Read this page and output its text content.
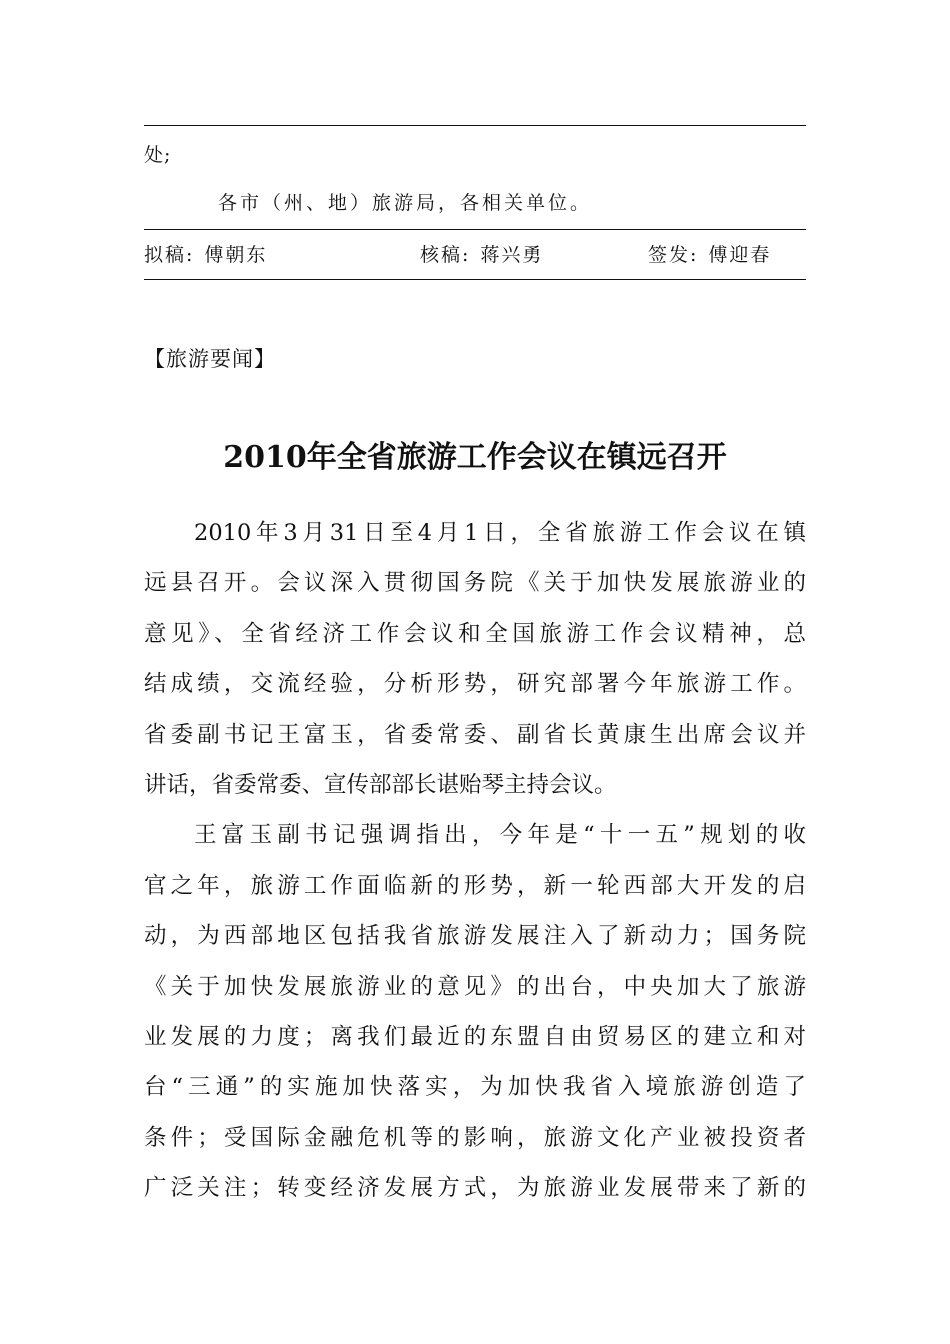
处;
各市（州、地）旅游局，各相关单位。
拟稿: 傅朝东	核稿: 蒋兴勇	签发: 傅迎春
【旅游要闻】
2010年全省旅游工作会议在镇远召开
2010年3月31日至4月1日，全省旅游工作会议在镇
远县召开。会议深入贯彻国务院《关于加快发展旅游业的
意见》、全省经济工作会议和全国旅游工作会议精神，总
结成绩，交流经验，分析形势，研究部署今年旅游工作。
省委副书记王富玉，省委常委、副省长黄康生出席会议并
讲话，省委常委、宣传部部长谌贻琴主持会议。
王富玉副书记强调指出，今年是“十一五”规划的收
官之年，旅游工作面临新的形势，新一轮西部大开发的启
动，为西部地区包括我省旅游发展注入了新动力；国务院
《关于加快发展旅游业的意见》的出台，中央加大了旅游
业发展的力度；离我们最近的东盟自由贸易区的建立和对
台“三通”的实施加快落实，为加快我省入境旅游创造了
条件；受国际金融危机等的影响，旅游文化产业被投资者
广泛关注；转变经济发展方式，为旅游业发展带来了新的
